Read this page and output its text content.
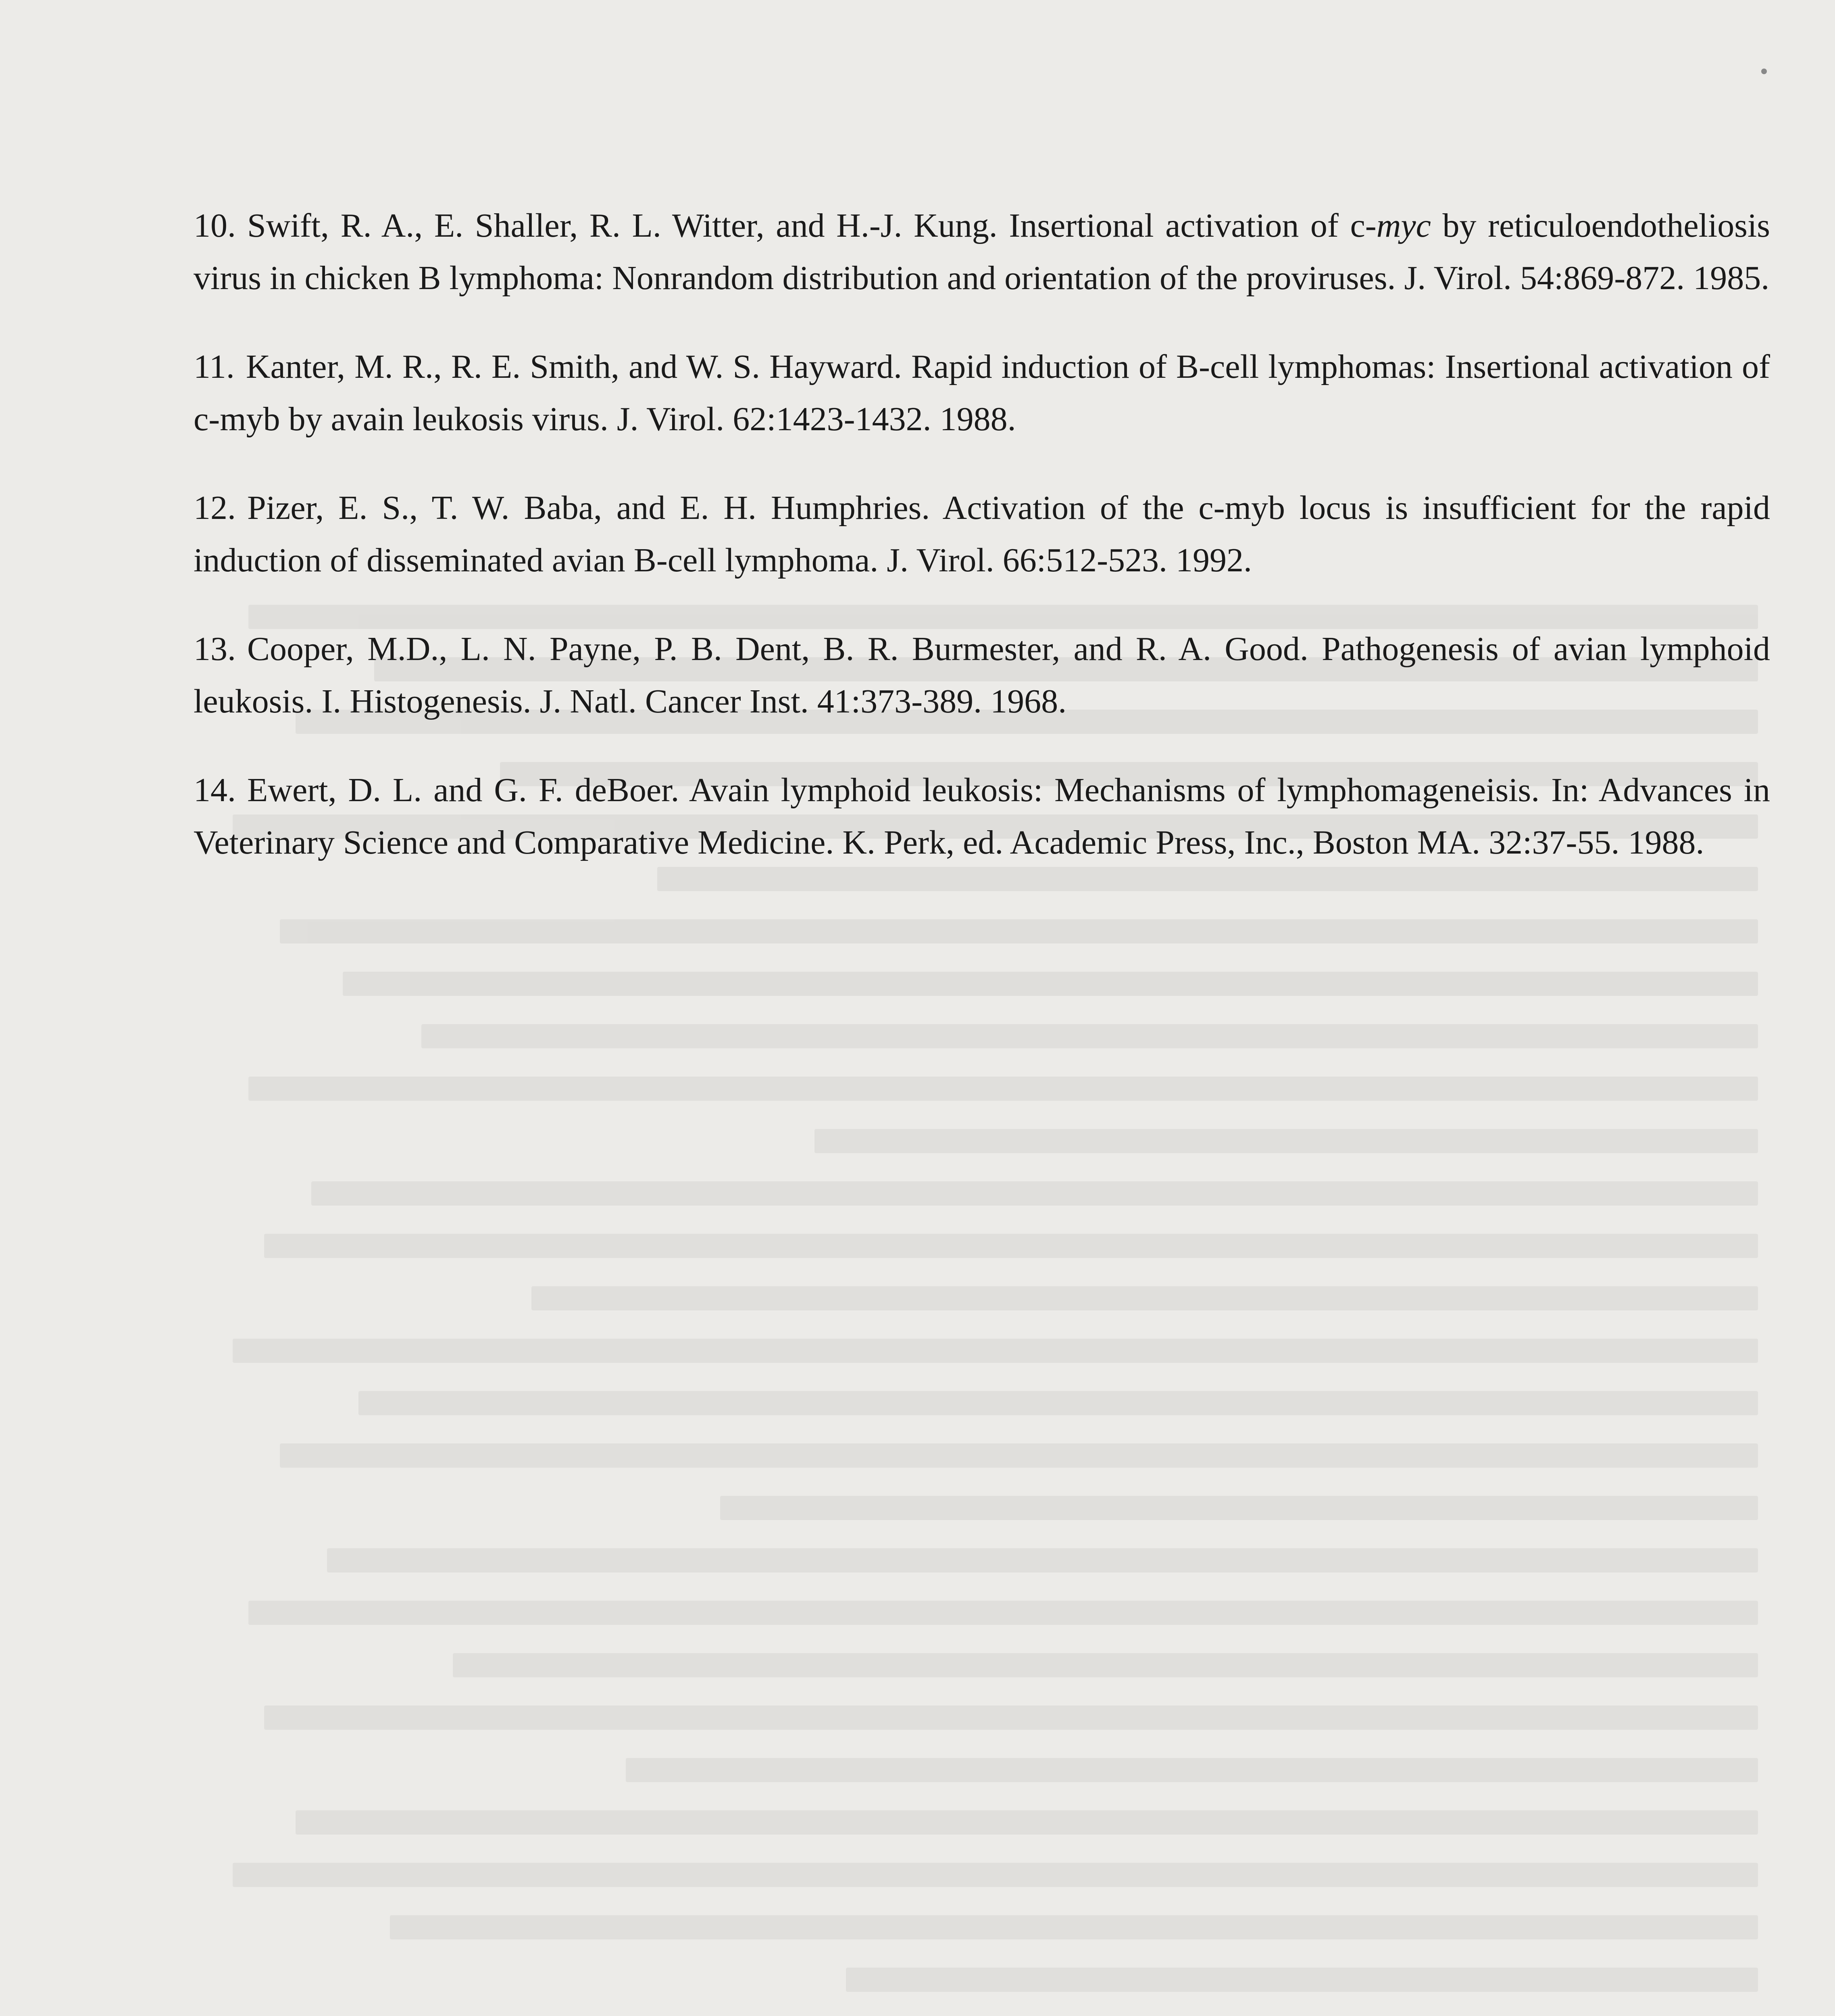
10. Swift, R. A., E. Shaller, R. L. Witter, and H.-J. Kung. Insertional activation of c-myc by reticuloendotheliosis virus in chicken B lymphoma: Nonrandom distribution and orientation of the proviruses. J. Virol. 54:869-872. 1985.

11. Kanter, M. R., R. E. Smith, and W. S. Hayward. Rapid induction of B-cell lymphomas: Insertional activation of c-myb by avain leukosis virus. J. Virol. 62:1423-1432. 1988.

12. Pizer, E. S., T. W. Baba, and E. H. Humphries. Activation of the c-myb locus is insufficient for the rapid induction of disseminated avian B-cell lymphoma. J. Virol. 66:512-523. 1992.

13. Cooper, M.D., L. N. Payne, P. B. Dent, B. R. Burmester, and R. A. Good. Pathogenesis of avian lymphoid leukosis. I. Histogenesis. J. Natl. Cancer Inst. 41:373-389. 1968.

14. Ewert, D. L. and G. F. deBoer. Avain lymphoid leukosis: Mechanisms of lymphomageneisis. In: Advances in Veterinary Science and Comparative Medicine. K. Perk, ed. Academic Press, Inc., Boston MA. 32:37-55. 1988.
